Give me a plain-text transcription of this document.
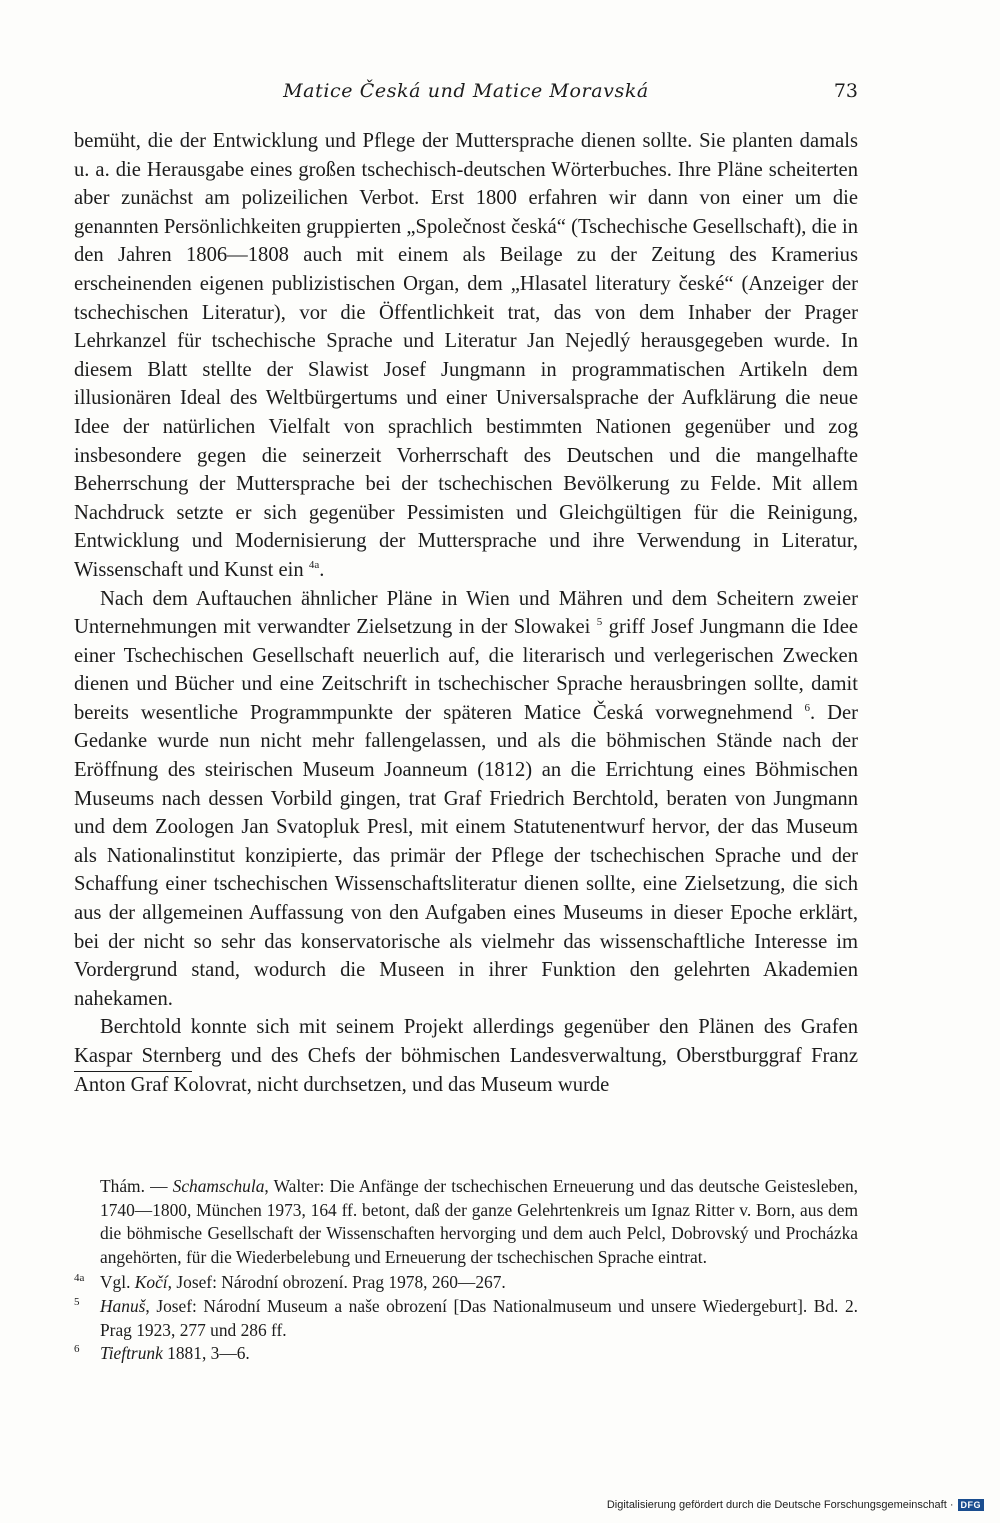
Matice Česká und Matice Moravská	73

bemüht, die der Entwicklung und Pflege der Muttersprache dienen sollte. Sie planten damals u. a. die Herausgabe eines großen tschechisch-deutschen Wörterbuches. Ihre Pläne scheiterten aber zunächst am polizeilichen Verbot. Erst 1800 erfahren wir dann von einer um die genannten Persönlichkeiten gruppierten „Společnost česká“ (Tschechische Gesellschaft), die in den Jahren 1806—1808 auch mit einem als Beilage zu der Zeitung des Kramerius erscheinenden eigenen publizistischen Organ, dem „Hlasatel literatury české“ (Anzeiger der tschechischen Literatur), vor die Öffentlichkeit trat, das von dem Inhaber der Prager Lehrkanzel für tschechische Sprache und Literatur Jan Nejedlý herausgegeben wurde. In diesem Blatt stellte der Slawist Josef Jungmann in programmatischen Artikeln dem illusionären Ideal des Weltbürgertums und einer Universalsprache der Aufklärung die neue Idee der natürlichen Vielfalt von sprachlich bestimmten Nationen gegenüber und zog insbesondere gegen die seinerzeit Vorherrschaft des Deutschen und die mangelhafte Beherrschung der Muttersprache bei der tschechischen Bevölkerung zu Felde. Mit allem Nachdruck setzte er sich gegenüber Pessimisten und Gleichgültigen für die Reinigung, Entwicklung und Modernisierung der Muttersprache und ihre Verwendung in Literatur, Wissenschaft und Kunst ein $^{4a}$.

Nach dem Auftauchen ähnlicher Pläne in Wien und Mähren und dem Scheitern zweier Unternehmungen mit verwandter Zielsetzung in der Slowakei $^5$ griff Josef Jungmann die Idee einer Tschechischen Gesellschaft neuerlich auf, die literarisch und verlegerischen Zwecken dienen und Bücher und eine Zeitschrift in tschechischer Sprache herausbringen sollte, damit bereits wesentliche Programmpunkte der späteren Matice Česká vorwegnehmend $^6$. Der Gedanke wurde nun nicht mehr fallengelassen, und als die böhmischen Stände nach der Eröffnung des steirischen Museum Joanneum (1812) an die Errichtung eines Böhmischen Museums nach dessen Vorbild gingen, trat Graf Friedrich Berchtold, beraten von Jungmann und dem Zoologen Jan Svatopluk Presl, mit einem Statutenentwurf hervor, der das Museum als Nationalinstitut konzipierte, das primär der Pflege der tschechischen Sprache und der Schaffung einer tschechischen Wissenschaftsliteratur dienen sollte, eine Zielsetzung, die sich aus der allgemeinen Auffassung von den Aufgaben eines Museums in dieser Epoche erklärt, bei der nicht so sehr das konservatorische als vielmehr das wissenschaftliche Interesse im Vordergrund stand, wodurch die Museen in ihrer Funktion den gelehrten Akademien nahekamen.

Berchtold konnte sich mit seinem Projekt allerdings gegenüber den Plänen des Grafen Kaspar Sternberg und des Chefs der böhmischen Landesverwaltung, Oberstburggraf Franz Anton Graf Kolovrat, nicht durchsetzen, und das Museum wurde

Thám. — Schamschula, Walter: Die Anfänge der tschechischen Erneuerung und das deutsche Geistesleben, 1740—1800, München 1973, 164 ff. betont, daß der ganze Gelehrtenkreis um Ignaz Ritter v. Born, aus dem die böhmische Gesellschaft der Wissenschaften hervorging und dem auch Pelcl, Dobrovský und Procházka angehörten, für die Wiederbelebung und Erneuerung der tschechischen Sprache eintrat.
4a Vgl. Kočí, Josef: Národní obrození. Prag 1978, 260—267.
5 Hanuš, Josef: Národní Museum a naše obrození [Das Nationalmuseum und unsere Wiedergeburt]. Bd. 2. Prag 1923, 277 und 286 ff.
6 Tieftrunk 1881, 3—6.
Digitalisierung gefördert durch die Deutsche Forschungsgemeinschaft · DFG
